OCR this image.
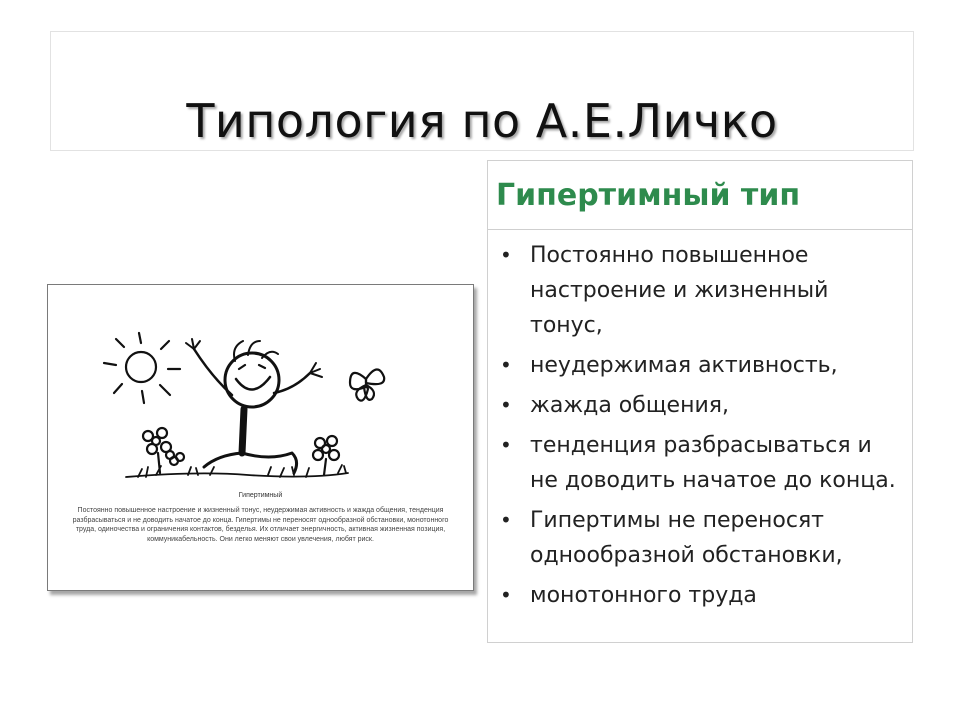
Типология по А.Е.Личко
Гипертимный тип
• Постоянно повышенное настроение и жизненный тонус,
• неудержимая активность,
• жажда общения,
• тенденция разбрасываться и не доводить начатое до конца.
• Гипертимы не переносят однообразной обстановки,
• монотонного труда
Гипертимный
Постоянно повышенное настроение и жизненный тонус, неудержимая активность и жажда общения, тенденция разбрасываться и не доводить начатое до конца. Гипертимы не переносят однообразной обстановки, монотонного труда, одиночества и ограничения контактов, безделья. Их отличает энергичность, активная жизненная позиция, коммуникабельность. Они легко меняют свои увлечения, любят риск.
